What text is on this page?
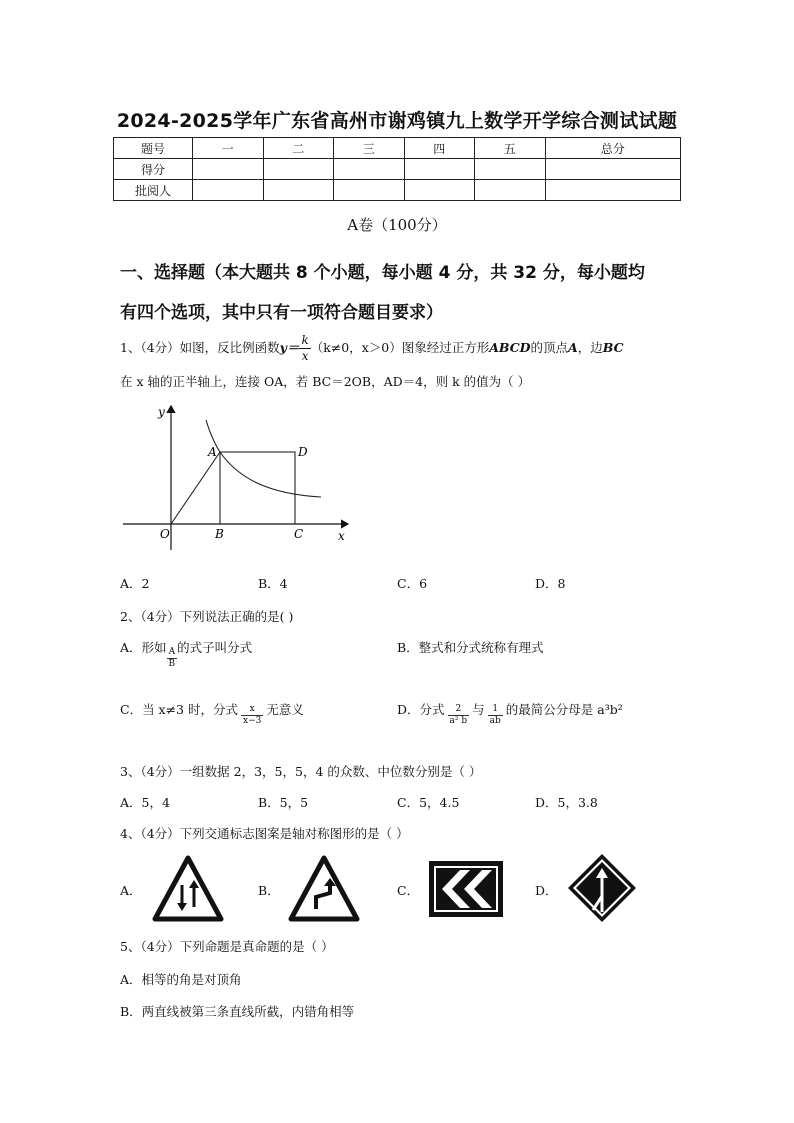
2024-2025学年广东省高州市谢鸡镇九上数学开学综合测试试题
题号	一	二	三	四	五	总分
得分						
批阅人						
A卷（100分）
一、选择题（本大题共 8 个小题，每小题 4 分，共 32 分，每小题均
有四个选项，其中只有一项符合题目要求）
1、（4分）如图，反比例函数 $y= \frac{k}{x} (k\ne 0$，x＞0）图象经过正方形 ABCD 的顶点 A ，边 BC
在 x 轴的正半轴上，连接 OA，若 BC＝2OB，AD＝4，则 k 的值为（ ）
y
x
O
A
B	C
D
A．2	B．4	C．6	D．8
2、（4分）下列说法正确的是( )
A．形如 $\frac{A}{B}$ 的式子叫分式	B．整式和分式统称有理式
C．当 x≠3 时，分式 $\frac{x}{x-3}$ 无意义	D．分式 $\frac{2}{\text{a² b}}$ 与 $\frac{1}{ab}$ 的最简公分母是 a³b²
3、（4分）一组数据 2，3，5，5，4 的众数、中位数分别是（ ）
A．5，4	B．5，5	C．5，4.5	D．5，3.8
4、（4分）下列交通标志图案是轴对称图形的是（ ）
A．	B．	C．	D．
5、（4分）下列命题是真命题的是（ ）
A．相等的角是对顶角
B．两直线被第三条直线所截，内错角相等
